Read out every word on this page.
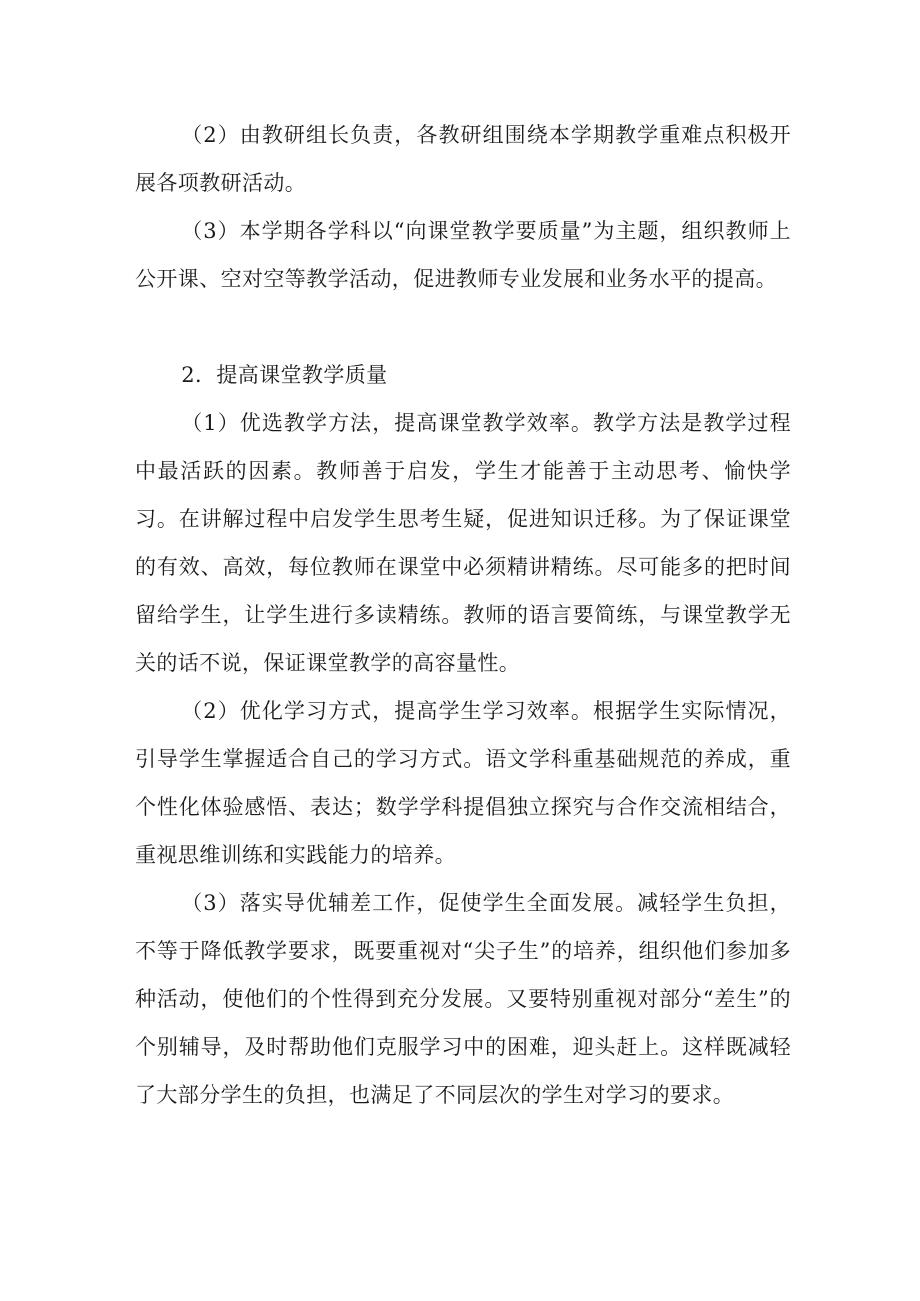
（2）由教研组长负责，各教研组围绕本学期教学重难点积极开展各项教研活动。

（3）本学期各学科以“向课堂教学要质量”为主题，组织教师上公开课、空对空等教学活动，促进教师专业发展和业务水平的提高。

2．提高课堂教学质量

（1）优选教学方法，提高课堂教学效率。教学方法是教学过程中最活跃的因素。教师善于启发，学生才能善于主动思考、愉快学习。在讲解过程中启发学生思考生疑，促进知识迁移。为了保证课堂的有效、高效，每位教师在课堂中必须精讲精练。尽可能多的把时间留给学生，让学生进行多读精练。教师的语言要简练，与课堂教学无关的话不说，保证课堂教学的高容量性。

（2）优化学习方式，提高学生学习效率。根据学生实际情况，引导学生掌握适合自己的学习方式。语文学科重基础规范的养成，重个性化体验感悟、表达；数学学科提倡独立探究与合作交流相结合，重视思维训练和实践能力的培养。

（3）落实导优辅差工作，促使学生全面发展。减轻学生负担，不等于降低教学要求，既要重视对“尖子生”的培养，组织他们参加多种活动，使他们的个性得到充分发展。又要特别重视对部分“差生”的个别辅导，及时帮助他们克服学习中的困难，迎头赶上。这样既减轻了大部分学生的负担，也满足了不同层次的学生对学习的要求。
